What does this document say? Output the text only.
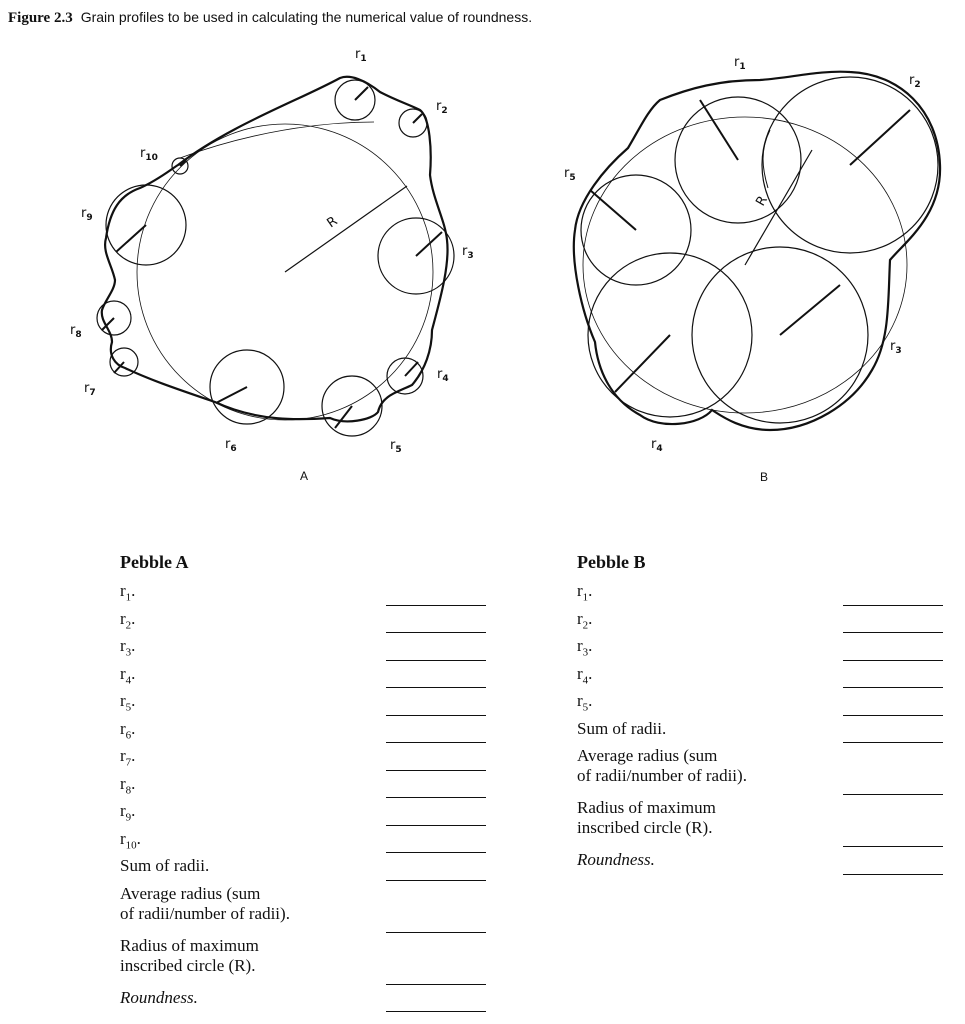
Figure 2.3 Grain profiles to be used in calculating the numerical value of roundness.
$r_1$
$r_2$
$r_3$
$r_4$
$r_5$
$r_6$
$r_7$
$r_8$
$r_9$
$r_{10}$
R
$r_1$
$r_2$
$r_3$
$r_4$
$r_5$
R
A	B
Pebble A
$r_1$.
$r_2$.
$r_3$.
$r_4$.
$r_5$.
$r_6$.
$r_7$.
$r_8$.
$r_9$.
$r_{10}$.
Sum of radii.
Average radius (sum
of radii/number of radii).
Radius of maximum
inscribed circle (R).
Roundness.
Pebble B
$r_1$.
$r_2$.
$r_3$.
$r_4$.
$r_5$.
Sum of radii.
Average radius (sum
of radii/number of radii).
Radius of maximum
inscribed circle (R).
Roundness.
